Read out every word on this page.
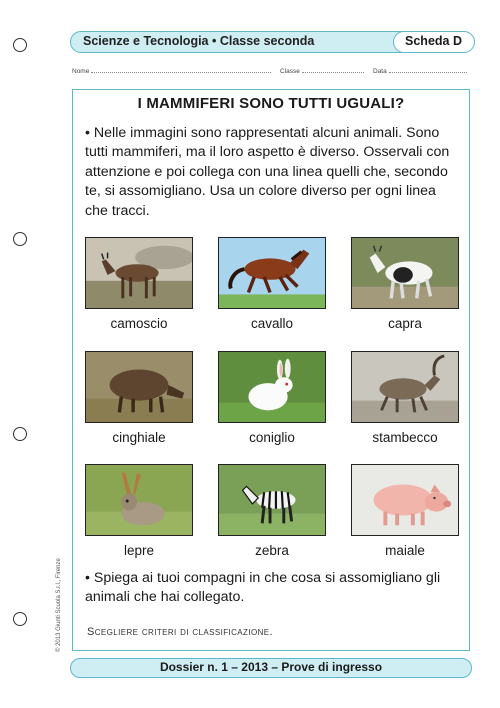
Scienze e Tecnologia • Classe seconda	Scheda D
Nome	Classe	Data
I MAMMIFERI SONO TUTTI UGUALI?
• Nelle immagini sono rappresentati alcuni animali. Sono tutti mammiferi, ma il loro aspetto è diverso. Osservali con attenzione e poi collega con una linea quelli che, secondo te, si assomigliano. Usa un colore diverso per ogni linea che tracci.
camoscio	cavallo	capra
cinghiale	coniglio	stambecco
lepre	zebra	maiale
• Spiega ai tuoi compagni in che cosa si assomigliano gli animali che hai collegato.
Scegliere criteri di classificazione.
© 2013 Giunti Scuola S.r.l., Firenze
Dossier n. 1 – 2013 – Prove di ingresso
